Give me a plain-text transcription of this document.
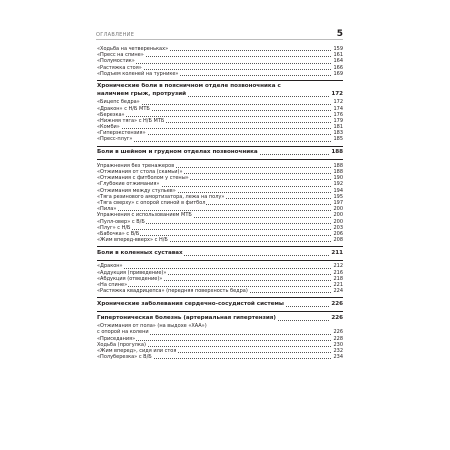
ОГЛАВЛЕНИЕ	5
«Ходьба на четвереньках»	159
«Пресс на спине»	161
«Полумостик»	164
«Растяжка стоя»	166
«Подъем коленей на турнике»	169
Хронические боли в поясничном отделе позвоночника с
наличием грыж, протрузий	172
«Бицепс бедра»	172
«Дракон» с Н/Б МТБ	174
«Березка»	176
«Нижняя тяга» с Н/Б МТБ	179
«Комби»	181
«Гиперэкстензия»	183
«Пресс-плуг»	185
Боли в шейном и грудном отделах позвоночника	188
Упражнения без тренажеров	188
«Отжимания от стола (скамьи)»	188
«Отжимания с фитболом у стены»	190
«Глубокие отжимания»	192
«Отжимания между стульев»	194
«Тяга резинового амортизатора, лежа на полу»	195
«Тяга сверху» с опорой спиной в фитбол	197
«Пила»	200
Упражнения с использованием МТБ	200
«Пулл-овер» с В/Б	200
«Плуг» с Н/Б	203
«Бабочка» с В/Б	206
«Жим вперед-вверх» с Н/Б	208
Боли в коленных суставах	211
«Дракон»	212
«Аддукция (приведение)»	216
«Абдукция (отведение)»	218
«На спине»	221
«Растяжка квадрицепса» (передняя поверхность бедра)	224
Хронические заболевания сердечно-сосудистой системы	226
Гипертоническая болезнь (артериальная гипертензия)	226
«Отжимания от пола» (на выдохе «ХАА»)
с опорой на колени	226
«Приседания»	228
Ходьба (прогулка)	230
«Жим вперед», сидя или стоя	232
«Полуберезка» с В/Б	234
